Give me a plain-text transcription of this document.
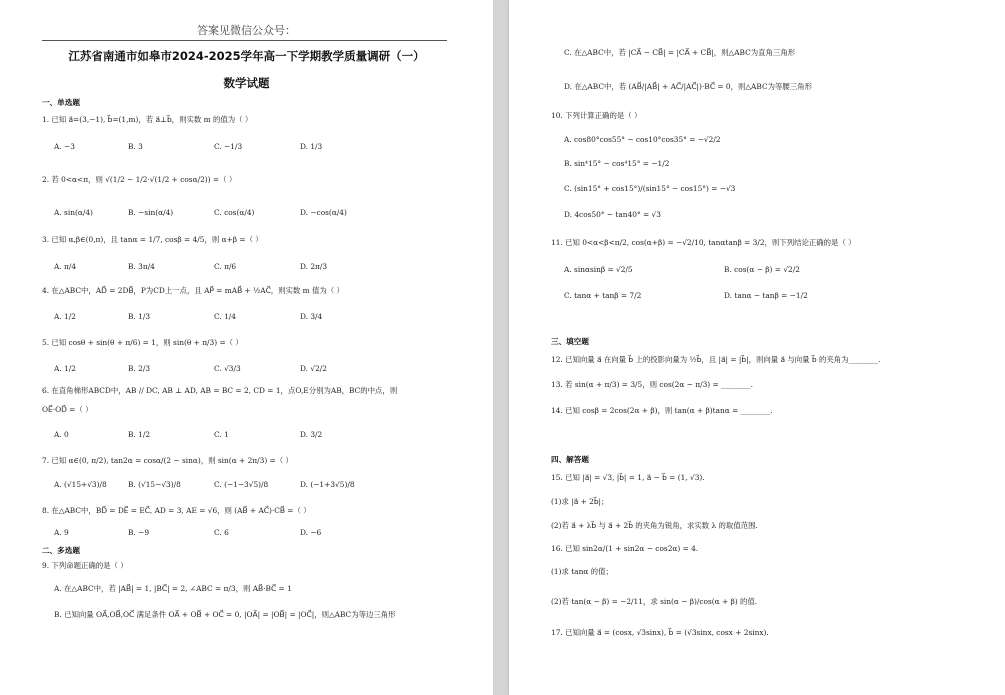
答案见微信公众号：
江苏省南通市如皋市2024-2025学年高一下学期教学质量调研（一）
数学试题
一、单选题
1. 已知 a⃗=(3,−1), b⃗=(1,m)，若 a⃗⊥b⃗，则实数 m 的值为（ ）
A. −3	B. 3	C. −1/3	D. 1/3
2. 若 0<α<π，则 √(1/2 − 1/2·√(1/2 + cosα/2)) =（ ）
A. sin(α/4)	B. −sin(α/4)	C. cos(α/4)	D. −cos(α/4)
3. 已知 α,β∈(0,π)，且 tanα = 1/7, cosβ = 4/5，则 α+β =（ ）
A. π/4	B. 3π/4	C. π/6	D. 2π/3
4. 在△ABC中，AD⃗ = 2DB⃗，P为CD上一点，且 AP⃗ = mAB⃗ + ½AC⃗，则实数 m 值为（ ）
A. 1/2	B. 1/3	C. 1/4	D. 3/4
5. 已知 cosθ + sin(θ + π/6) = 1，则 sin(θ + π/3) =（ ）
A. 1/2	B. 2/3	C. √3/3	D. √2/2
6. 在直角梯形ABCD中，AB // DC, AB ⊥ AD, AB = BC = 2, CD = 1，点O,E分别为AB，BC的中点，则
OE⃗·OD⃗ =（ ）
A. 0	B. 1/2	C. 1	D. 3/2
7. 已知 α∈(0, π/2), tan2α = cosα/(2 − sinα)，则 sin(α + 2π/3) =（ ）
A. (√15+√3)/8	B. (√15−√3)/8	C. (−1−3√5)/8	D. (−1+3√5)/8
8. 在△ABC中，BD⃗ = DE⃗ = EC⃗, AD = 3, AE = √6，则 (AB⃗ + AC⃗)·CB⃗ =（ ）
A. 9	B. −9	C. 6	D. −6
二、多选题
9. 下列命题正确的是（ ）
A. 在△ABC中，若 |AB⃗| = 1, |BC⃗| = 2, ∠ABC = π/3，则 AB⃗·BC⃗ = 1
B. 已知向量 OA⃗,OB⃗,OC⃗ 满足条件 OA⃗ + OB⃗ + OC⃗ = 0, |OA⃗| = |OB⃗| = |OC⃗|，则△ABC为等边三角形
C. 在△ABC中，若 |CA⃗ − CB⃗| = |CA⃗ + CB⃗|，则△ABC为直角三角形
D. 在△ABC中，若 (AB⃗/|AB⃗| + AC⃗/|AC⃗|)·BC⃗ = 0，则△ABC为等腰三角形
10. 下列计算正确的是（ ）
A. cos80°cos55° − cos10°cos35° = −√2/2
B. sin⁴15° − cos⁴15° = −1/2
C. (sin15° + cos15°)/(sin15° − cos15°) = −√3
D. 4cos50° − tan40° = √3
11. 已知 0<α<β<π/2, cos(α+β) = −√2/10, tanαtanβ = 3/2，则下列结论正确的是（ ）
A. sinαsinβ = √2/5	B. cos(α − β) = √2/2
C. tanα + tanβ = 7/2	D. tanα − tanβ = −1/2
三、填空题
12. 已知向量 a⃗ 在向量 b⃗ 上的投影向量为 ½b⃗，且 |a⃗| = |b⃗|，则向量 a⃗ 与向量 b⃗ 的夹角为________.
13. 若 sin(α + π/3) = 3/5，则 cos(2α − π/3) = ________.
14. 已知 cosβ = 2cos(2α + β)，则 tan(α + β)tanα = ________.
四、解答题
15. 已知 |a⃗| = √3, |b⃗| = 1, a⃗ − b⃗ = (1, √3).
(1)求 |a⃗ + 2b⃗|；
(2)若 a⃗ + λb⃗ 与 a⃗ + 2b⃗ 的夹角为锐角，求实数 λ 的取值范围.
16. 已知 sin2α/(1 + sin2α − cos2α) = 4.
(1)求 tanα 的值；
(2)若 tan(α − β) = −2/11，求 sin(α − β)/cos(α + β) 的值.
17. 已知向量 a⃗ = (cosx, √3sinx), b⃗ = (√3sinx, cosx + 2sinx).
